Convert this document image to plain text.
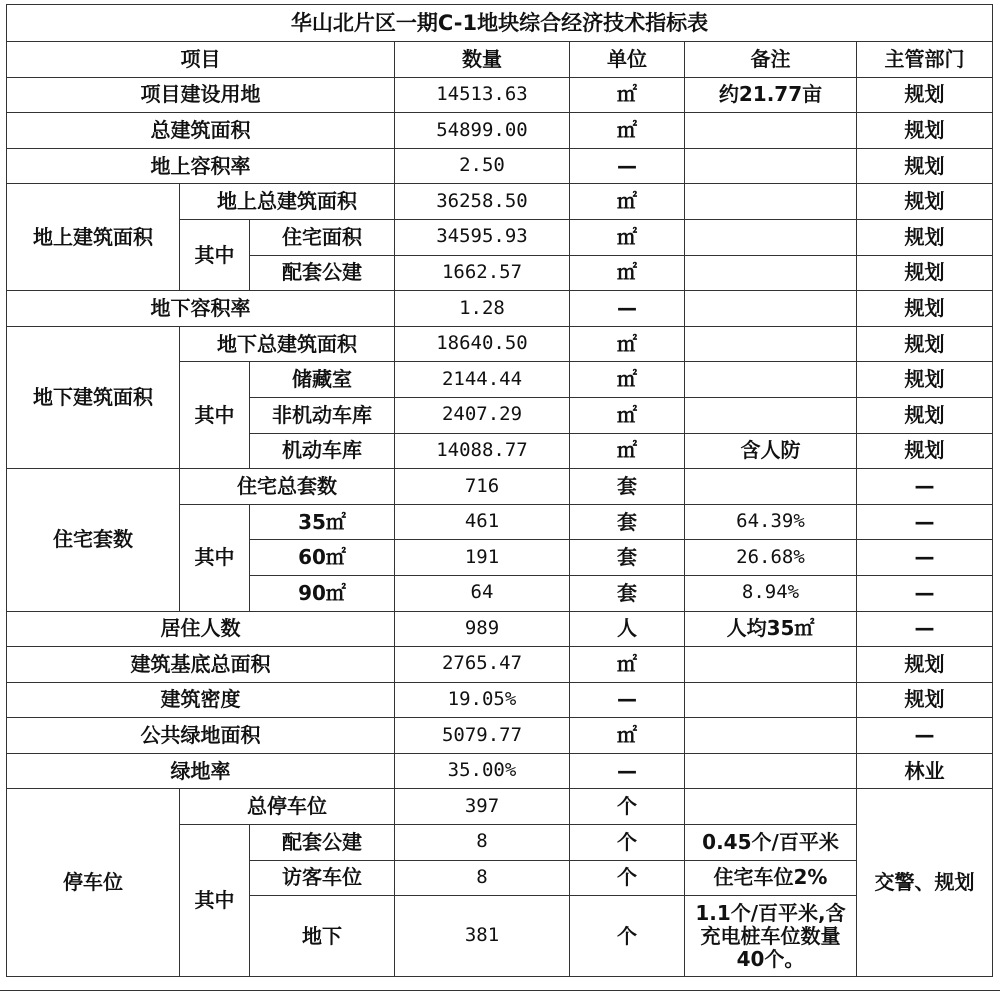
华山北片区一期C-1地块综合经济技术指标表						
项目			数量	单位	备注	主管部门
项目建设用地			14513.63	㎡	约21.77亩	规划
总建筑面积			54899.00	㎡		规划
地上容积率			2.50	—		规划
地上建筑面积	地上总建筑面积		36258.50	㎡		规划
	其中	住宅面积	34595.93	㎡		规划
		配套公建	1662.57	㎡		规划
地下容积率			1.28	—		规划
地下建筑面积	地下总建筑面积		18640.50	㎡		规划
	其中	储藏室	2144.44	㎡		规划
		非机动车库	2407.29	㎡		规划
		机动车库	14088.77	㎡	含人防	规划
住宅套数	住宅总套数		716	套		—
	其中	35㎡	461	套	64.39%	—
		60㎡	191	套	26.68%	—
		90㎡	64	套	8.94%	—
居住人数			989	人	人均35㎡	—
建筑基底总面积			2765.47	㎡		规划
建筑密度			19.05%	—		规划
公共绿地面积			5079.77	㎡		—
绿地率			35.00%	—		林业
停车位	总停车位		397	个		交警、规划
	其中	配套公建	8	个	0.45个/百平米	
		访客车位	8	个	住宅车位2%	
		地下	381	个	1.1个/百平米,含充电桩车位数量40个。	
